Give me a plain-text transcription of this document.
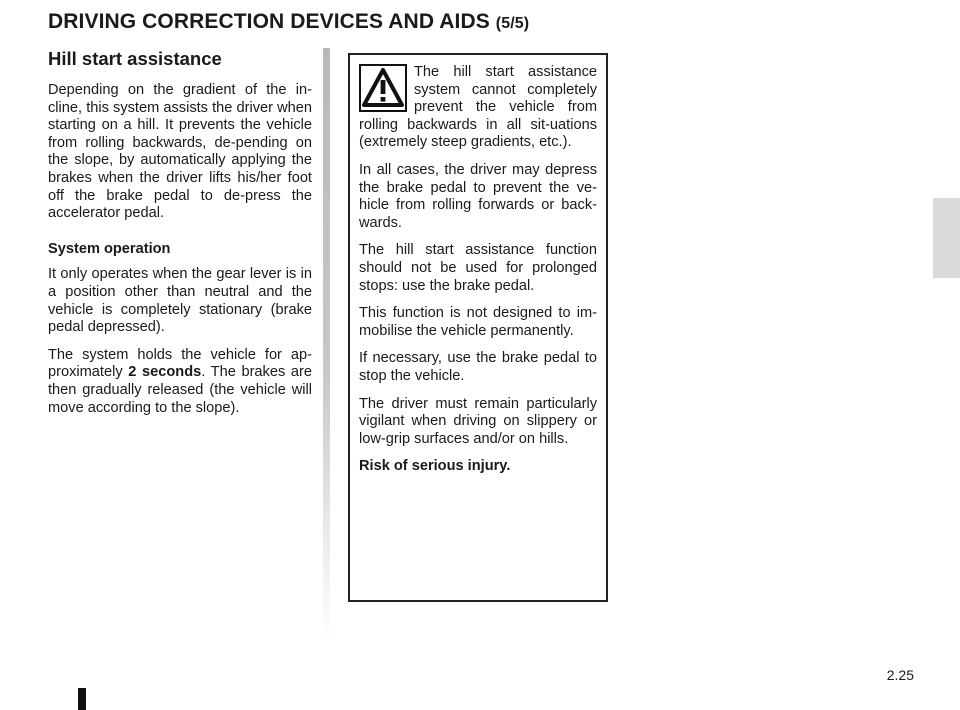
DRIVING CORRECTION DEVICES AND AIDS (5/5)
Hill start assistance

Depending on the gradient of the in-cline, this system assists the driver when starting on a hill. It prevents the vehicle from rolling backwards, de-pending on the slope, by automatically applying the brakes when the driver lifts his/her foot off the brake pedal to de-press the accelerator pedal.

System operation

It only operates when the gear lever is in a position other than neutral and the vehicle is completely stationary (brake pedal depressed).

The system holds the vehicle for ap-proximately 2 seconds. The brakes are then gradually released (the vehicle will move according to the slope).

The hill start assistance system cannot completely prevent the vehicle from rolling backwards in all sit-uations (extremely steep gradients, etc.).

In all cases, the driver may depress the brake pedal to prevent the ve-hicle from rolling forwards or back-wards.

The hill start assistance function should not be used for prolonged stops: use the brake pedal.

This function is not designed to im-mobilise the vehicle permanently.

If necessary, use the brake pedal to stop the vehicle.

The driver must remain particularly vigilant when driving on slippery or low-grip surfaces and/or on hills.

Risk of serious injury.

2.25
